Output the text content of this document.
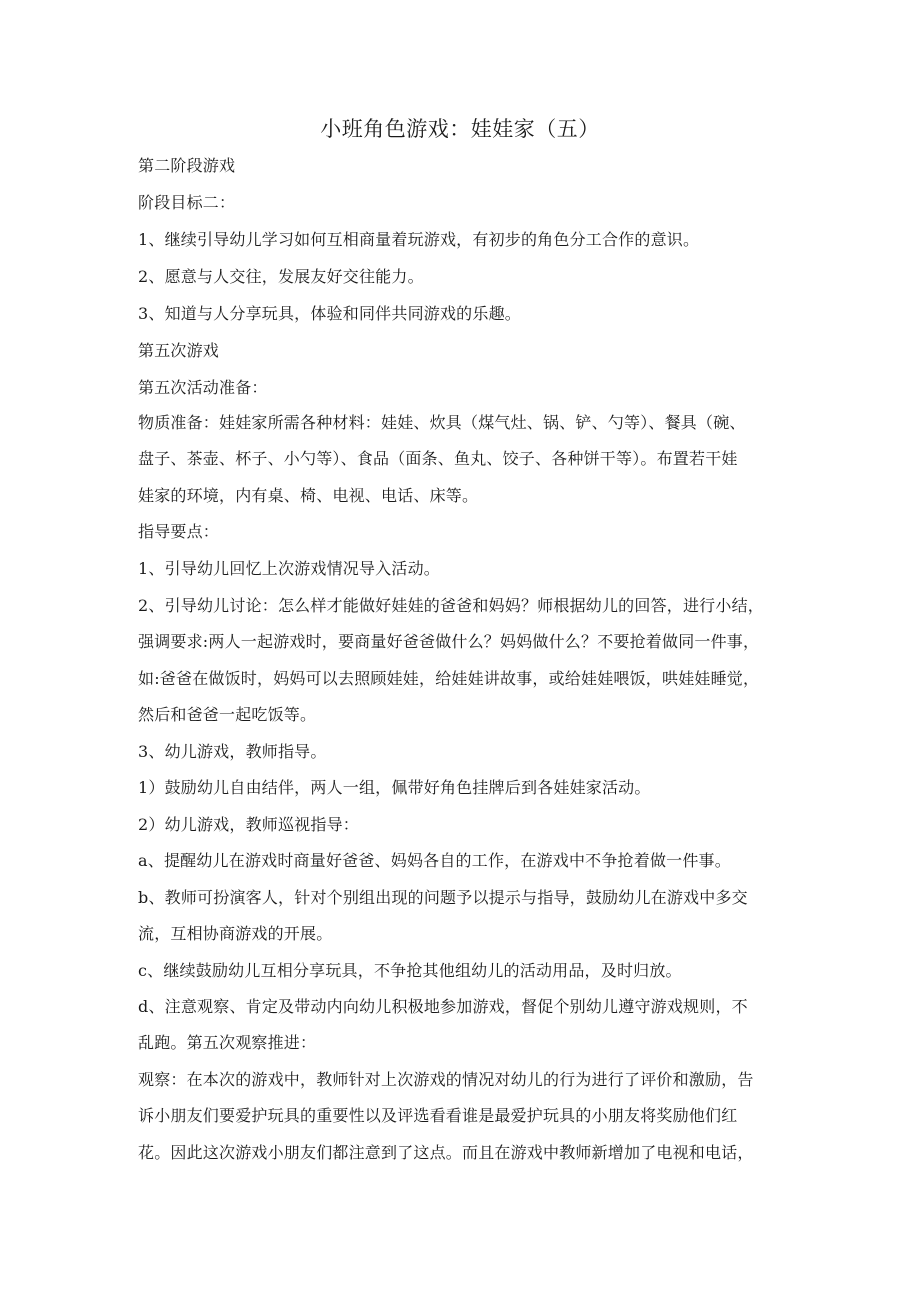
小班角色游戏：娃娃家（五）
第二阶段游戏
阶段目标二：
1、继续引导幼儿学习如何互相商量着玩游戏，有初步的角色分工合作的意识。
2、愿意与人交往，发展友好交往能力。
3、知道与人分享玩具，体验和同伴共同游戏的乐趣。
第五次游戏
第五次活动准备：
物质准备：娃娃家所需各种材料：娃娃、炊具（煤气灶、锅、铲、勺等）、餐具（碗、
盘子、茶壶、杯子、小勺等）、食品（面条、鱼丸、饺子、各种饼干等）。布置若干娃
娃家的环境，内有桌、椅、电视、电话、床等。
指导要点：
1、引导幼儿回忆上次游戏情况导入活动。
2、引导幼儿讨论：怎么样才能做好娃娃的爸爸和妈妈？师根据幼儿的回答，进行小结，
强调要求:两人一起游戏时，要商量好爸爸做什么？妈妈做什么？不要抢着做同一件事，
如:爸爸在做饭时，妈妈可以去照顾娃娃，给娃娃讲故事，或给娃娃喂饭，哄娃娃睡觉，
然后和爸爸一起吃饭等。
3、幼儿游戏，教师指导。
1）鼓励幼儿自由结伴，两人一组，佩带好角色挂牌后到各娃娃家活动。
2）幼儿游戏，教师巡视指导：
a、提醒幼儿在游戏时商量好爸爸、妈妈各自的工作，在游戏中不争抢着做一件事。
b、教师可扮演客人，针对个别组出现的问题予以提示与指导，鼓励幼儿在游戏中多交
流，互相协商游戏的开展。
c、继续鼓励幼儿互相分享玩具，不争抢其他组幼儿的活动用品，及时归放。
d、注意观察、肯定及带动内向幼儿积极地参加游戏，督促个别幼儿遵守游戏规则，不
乱跑。第五次观察推进：
观察：在本次的游戏中，教师针对上次游戏的情况对幼儿的行为进行了评价和激励，告
诉小朋友们要爱护玩具的重要性以及评选看看谁是最爱护玩具的小朋友将奖励他们红
花。因此这次游戏小朋友们都注意到了这点。而且在游戏中教师新增加了电视和电话，
